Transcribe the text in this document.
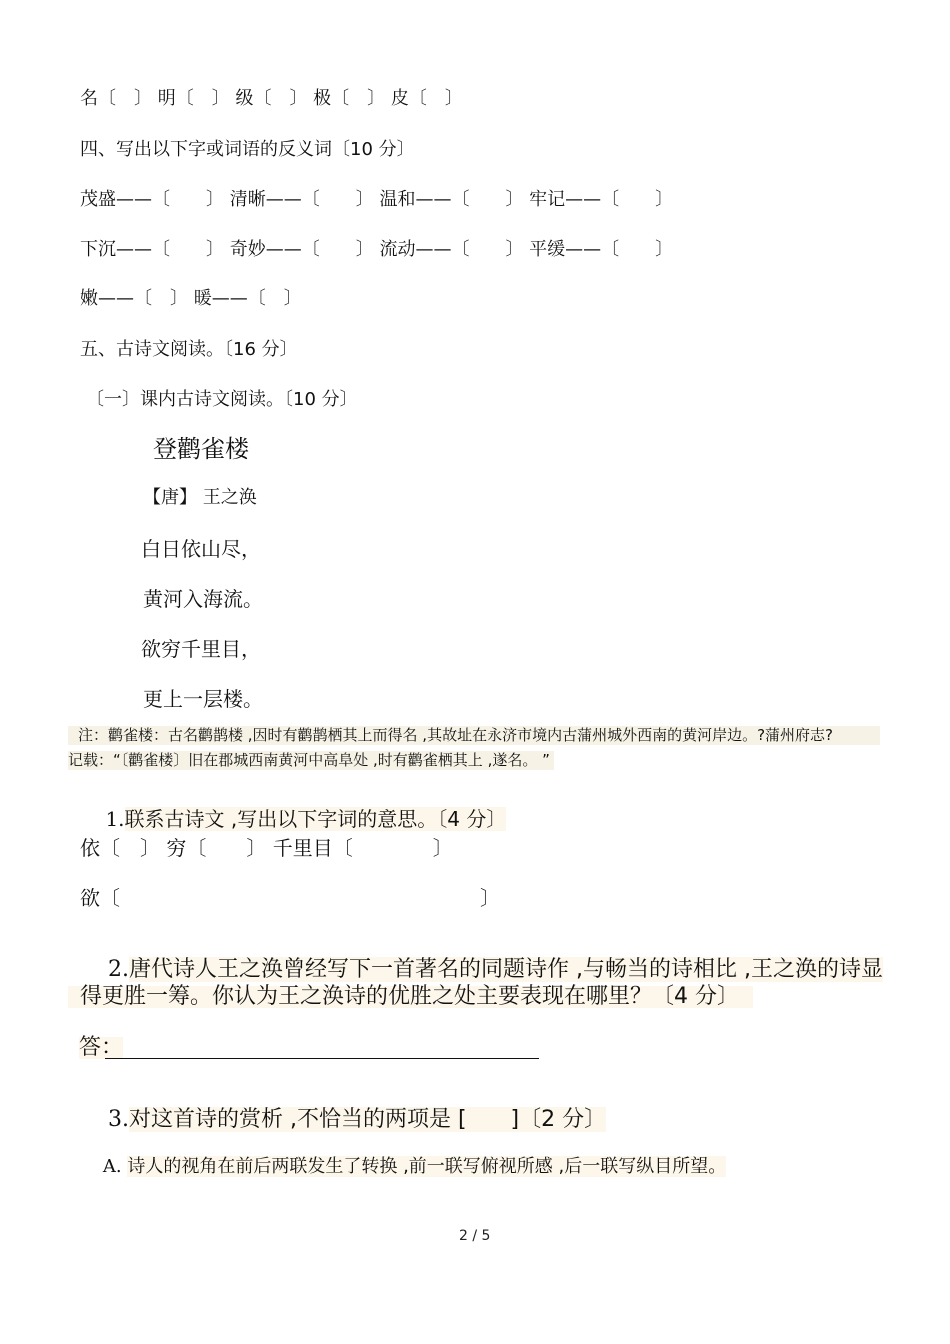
名〔　〕 明〔　〕 级〔　〕 极〔　〕 皮〔　〕
四、写出以下字或词语的反义词〔10 分〕
茂盛——〔　　〕 清晰——〔　　〕 温和——〔　　〕 牢记——〔　　〕
下沉——〔　　〕 奇妙——〔　　〕 流动——〔　　〕 平缓——〔　　〕
嫩——〔　〕 暖——〔　〕
五、古诗文阅读。〔16 分〕
〔一〕课内古诗文阅读。〔10 分〕
登鹳雀楼
【唐】 王之涣
白日依山尽，
黄河入海流。
欲穷千里目，
更上一层楼。
注：鹳雀楼：古名鹳鹊楼 ,因时有鹳鹊栖其上而得名 ,其故址在永济市境内古蒲州城外西南的黄河岸边。?蒲州府志?
记载：“〔鹳雀楼〕旧在郡城西南黄河中高阜处 ,时有鹳雀栖其上 ,遂名。 ”

1.联系古诗文 ,写出以下字词的意思。〔4 分〕

依〔　〕 穷〔　　〕 千里目〔　　　　〕
欲〔　　　　　　　　　　　　　　　　　　〕

2.唐代诗人王之涣曾经写下一首著名的同题诗作 ,与畅当的诗相比 ,王之涣的诗显

得更胜一筹。你认为王之涣诗的优胜之处主要表现在哪里？〔4 分〕
答：

3.对这首诗的赏析 ,不恰当的两项是 [　　]〔2 分〕

A. 诗人的视角在前后两联发生了转换 ,前一联写俯视所感 ,后一联写纵目所望。

2 / 5
